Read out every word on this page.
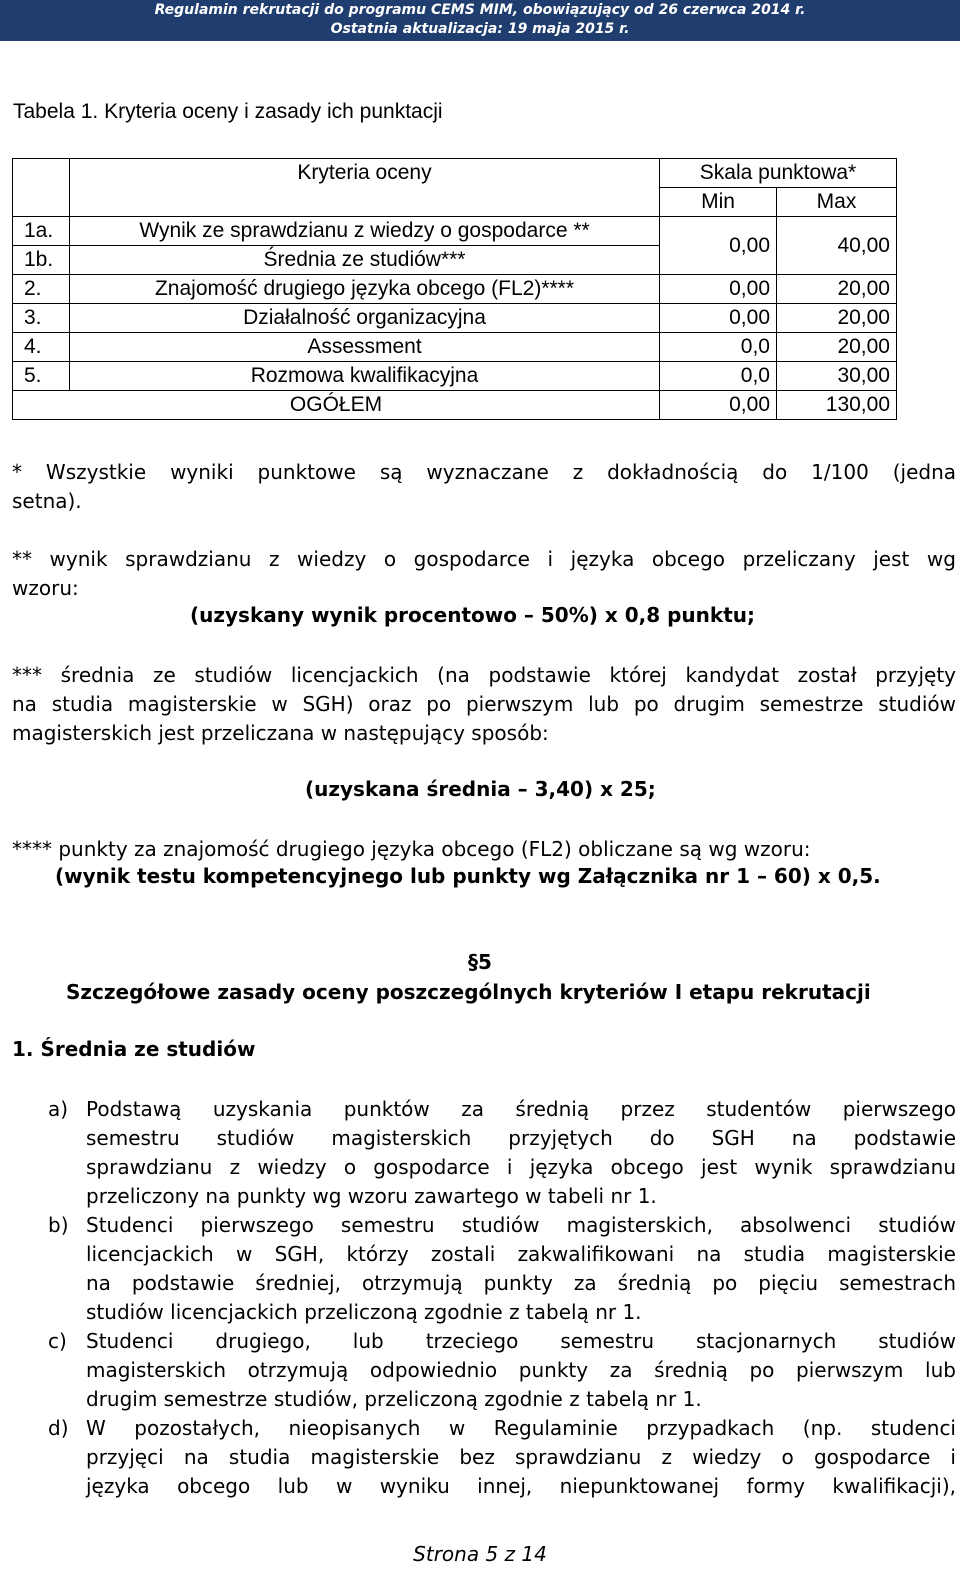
Regulamin rekrutacji do programu CEMS MIM, obowiązujący od 26 czerwca 2014 r.
Ostatnia aktualizacja: 19 maja 2015 r.
Tabela 1. Kryteria oceny i zasady ich punktacji
	Kryteria oceny	Skala punktowa*	
		Min	Max
1a.	Wynik ze sprawdzianu z wiedzy o gospodarce **	0,00	40,00
1b.	Średnia ze studiów***		
2.	Znajomość drugiego języka obcego (FL2)****	0,00	20,00
3.	Działalność organizacyjna	0,00	20,00
4.	Assessment	0,0	20,00
5.	Rozmowa kwalifikacyjna	0,0	30,00
OGÓŁEM		0,00	130,00
* Wszystkie wyniki punktowe są wyznaczane z dokładnością do 1/100 (jedna
setna).
** wynik sprawdzianu z wiedzy o gospodarce i języka obcego przeliczany jest wg
wzoru:
(uzyskany wynik procentowo – 50%) x 0,8 punktu;
*** średnia ze studiów licencjackich (na podstawie której kandydat został przyjęty
na studia magisterskie w SGH) oraz po pierwszym lub po drugim semestrze studiów
magisterskich jest przeliczana w następujący sposób:
(uzyskana średnia – 3,40) x 25;
**** punkty za znajomość drugiego języka obcego (FL2) obliczane są wg wzoru:
(wynik testu kompetencyjnego lub punkty wg Załącznika nr 1 – 60) x 0,5.
§5
Szczegółowe zasady oceny poszczególnych kryteriów I etapu rekrutacji
1. Średnia ze studiów
a) Podstawą uzyskania punktów za średnią przez studentów pierwszego
semestru studiów magisterskich przyjętych do SGH na podstawie
sprawdzianu z wiedzy o gospodarce i języka obcego jest wynik sprawdzianu
przeliczony na punkty wg wzoru zawartego w tabeli nr 1.
b) Studenci pierwszego semestru studiów magisterskich, absolwenci studiów
licencjackich w SGH, którzy zostali zakwalifikowani na studia magisterskie
na podstawie średniej, otrzymują punkty za średnią po pięciu semestrach
studiów licencjackich przeliczoną zgodnie z tabelą nr 1.
c) Studenci drugiego, lub trzeciego semestru stacjonarnych studiów
magisterskich otrzymują odpowiednio punkty za średnią po pierwszym lub
drugim semestrze studiów, przeliczoną zgodnie z tabelą nr 1.
d) W pozostałych, nieopisanych w Regulaminie przypadkach (np. studenci
przyjęci na studia magisterskie bez sprawdzianu z wiedzy o gospodarce i
języka obcego lub w wyniku innej, niepunktowanej formy kwalifikacji),
Strona 5 z 14
